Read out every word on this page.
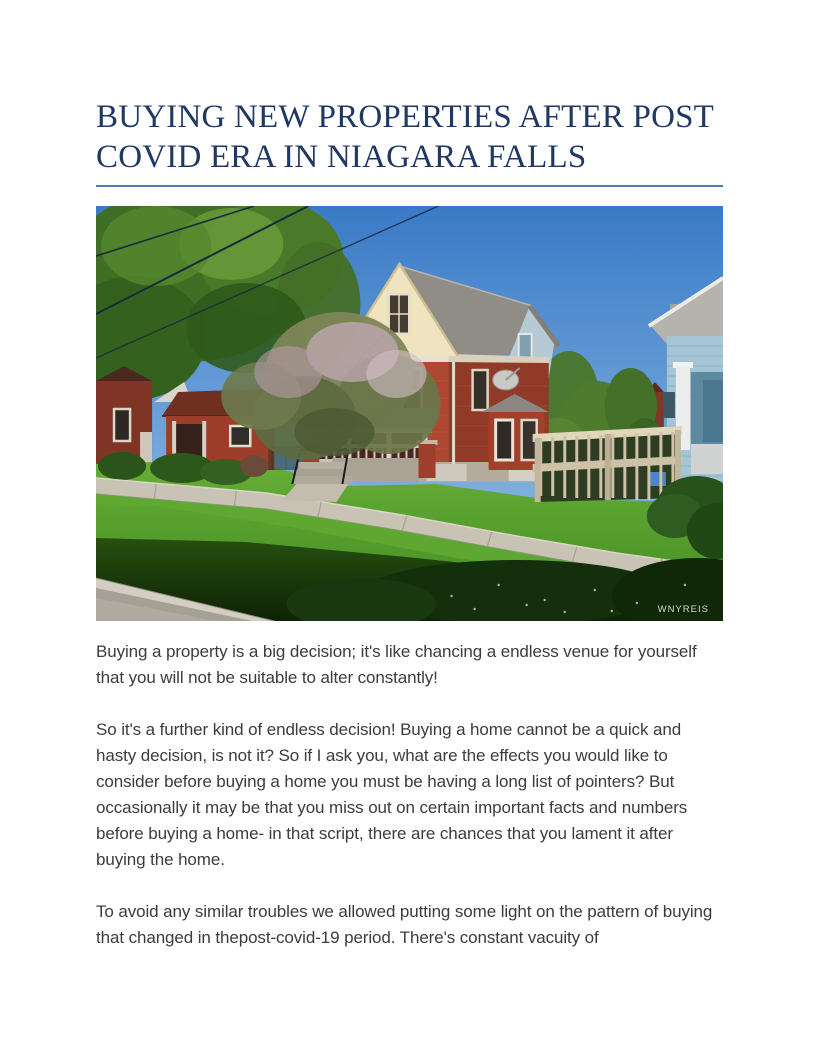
BUYING NEW PROPERTIES AFTER POST
COVID ERA IN NIAGARA FALLS
WNYREIS

Buying a property is a big decision; it's like chancing a endless venue for yourself that you will not be suitable to alter constantly!

So it's a further kind of endless decision! Buying a home cannot be a quick and hasty decision, is not it? So if I ask you, what are the effects you would like to consider before buying a home you must be having a long list of pointers? But occasionally it may be that you miss out on certain important facts and numbers before buying a home- in that script, there are chances that you lament it after buying the home.

To avoid any similar troubles we allowed putting some light on the pattern of buying that changed in thepost-covid-19 period. There's constant vacuity of
